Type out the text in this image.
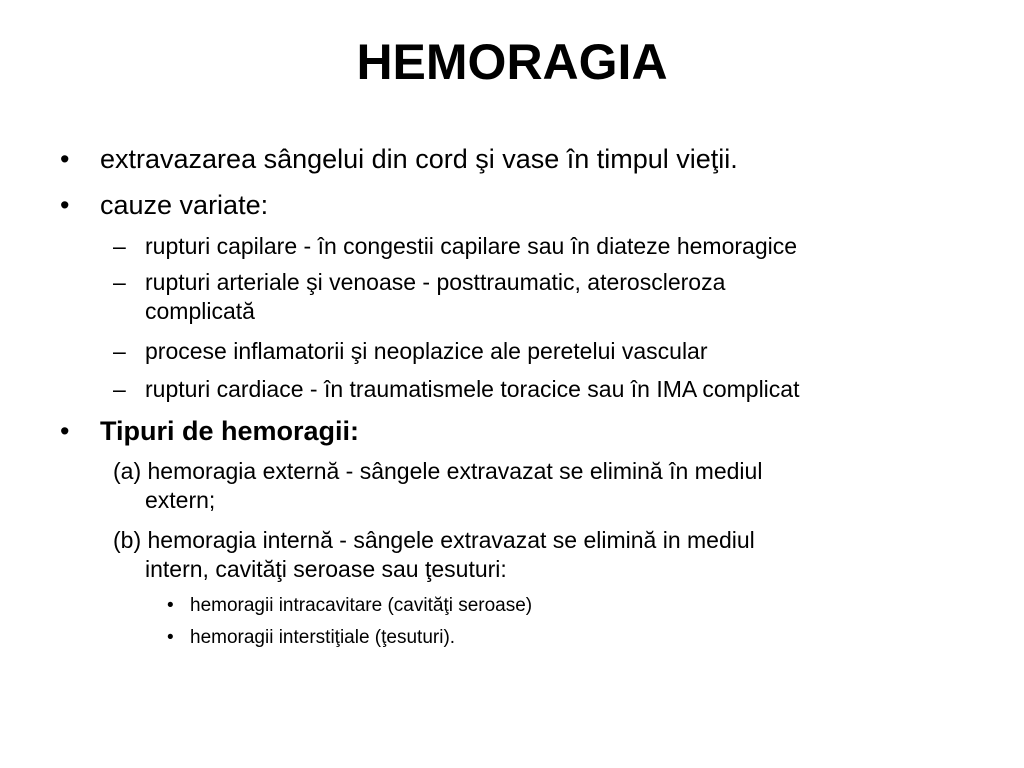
HEMORAGIA
• extravazarea sângelui din cord şi vase în timpul vieţii.
• cauze variate:
– rupturi capilare - în congestii capilare sau în diateze hemoragice
– rupturi arteriale şi venoase - posttraumatic, ateroscleroza
complicată
– procese inflamatorii şi neoplazice ale peretelui vascular
– rupturi cardiace - în traumatismele toracice sau în IMA complicat
• Tipuri de hemoragii:
(a) hemoragia externă - sângele extravazat se elimină în mediul
extern;
(b) hemoragia internă - sângele extravazat se elimină in mediul
intern, cavităţi seroase sau ţesuturi:
• hemoragii intracavitare (cavităţi seroase)
• hemoragii interstiţiale (ţesuturi).
